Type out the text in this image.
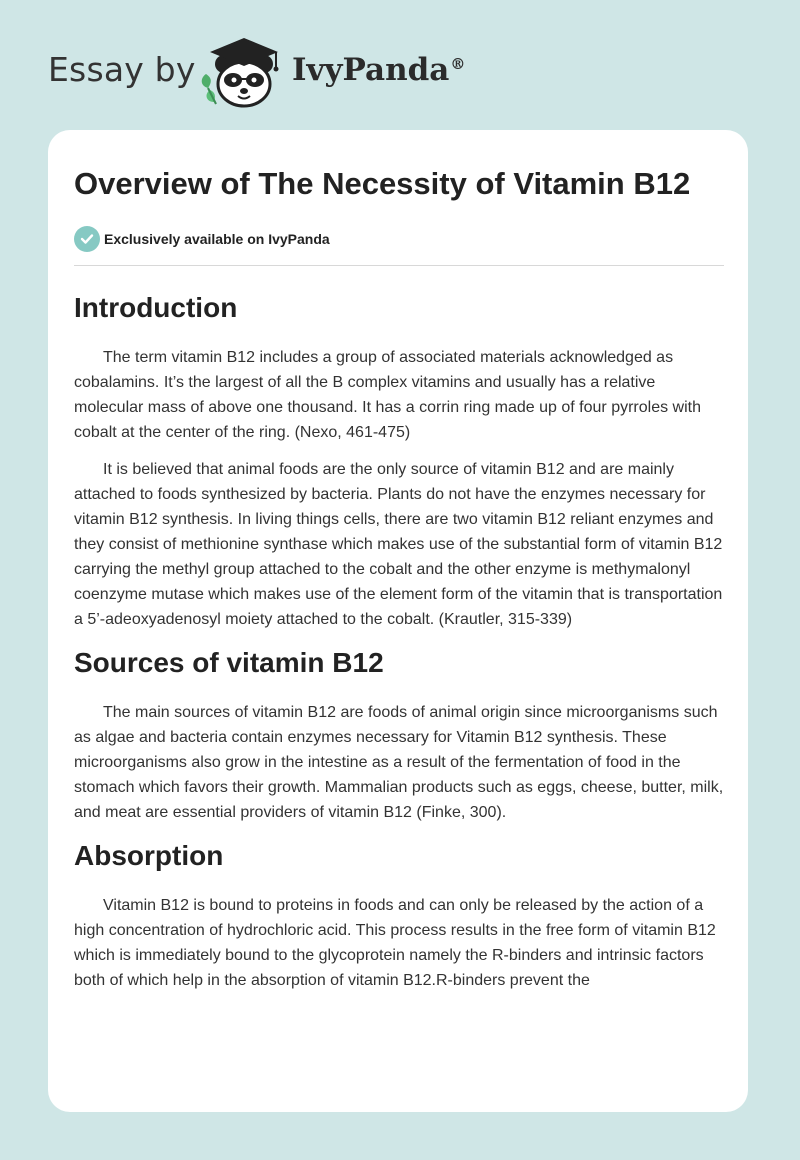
Essay by	IvyPanda®
Overview of The Necessity of Vitamin B12
Exclusively available on IvyPanda
Introduction

The term vitamin B12 includes a group of associated materials acknowledged as cobalamins. It’s the largest of all the B complex vitamins and usually has a relative molecular mass of above one thousand. It has a corrin ring made up of four pyrroles with cobalt at the center of the ring. (Nexo, 461-475)

It is believed that animal foods are the only source of vitamin B12 and are mainly attached to foods synthesized by bacteria. Plants do not have the enzymes necessary for vitamin B12 synthesis. In living things cells, there are two vitamin B12 reliant enzymes and they consist of methionine synthase which makes use of the substantial form of vitamin B12 carrying the methyl group attached to the cobalt and the other enzyme is methymalonyl coenzyme mutase which makes use of the element form of the vitamin that is transportation a 5’-adeoxyadenosyl moiety attached to the cobalt. (Krautler, 315-339)

Sources of vitamin B12

The main sources of vitamin B12 are foods of animal origin since microorganisms such as algae and bacteria contain enzymes necessary for Vitamin B12 synthesis. These microorganisms also grow in the intestine as a result of the fermentation of food in the stomach which favors their growth. Mammalian products such as eggs, cheese, butter, milk, and meat are essential providers of vitamin B12 (Finke, 300).

Absorption

Vitamin B12 is bound to proteins in foods and can only be released by the action of a high concentration of hydrochloric acid. This process results in the free form of vitamin B12 which is immediately bound to the glycoprotein namely the R-binders and intrinsic factors both of which help in the absorption of vitamin B12.R-binders prevent the
